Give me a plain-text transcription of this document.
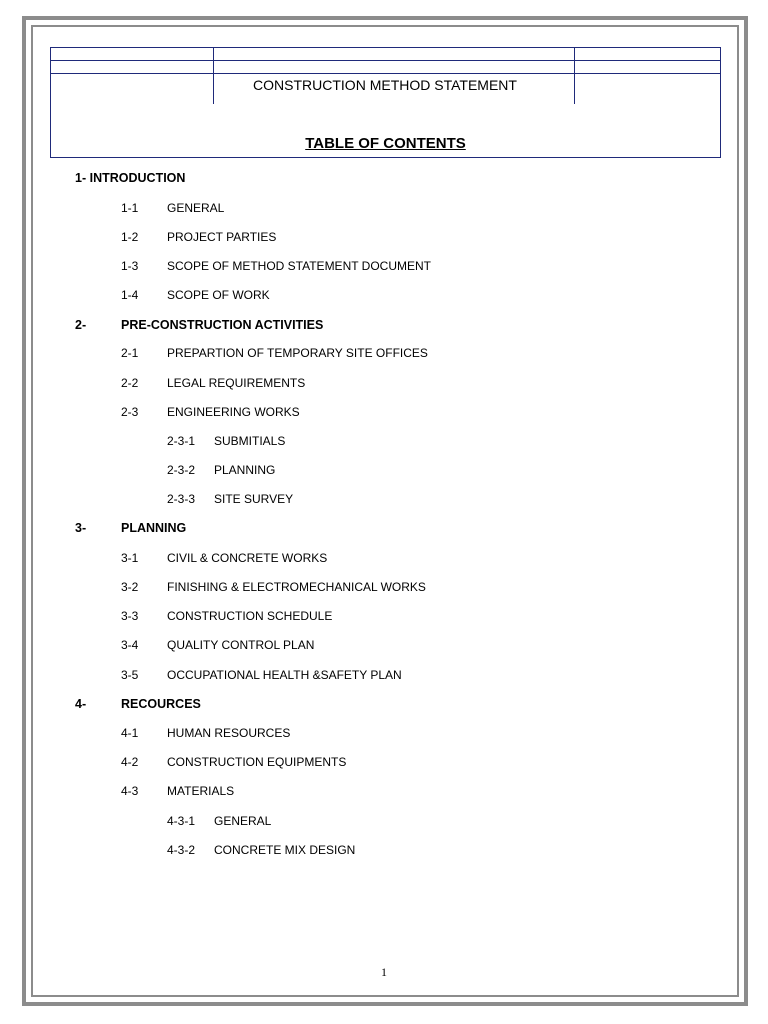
CONSTRUCTION METHOD STATEMENT
TABLE OF CONTENTS
1- INTRODUCTION
1-1 GENERAL
1-2 PROJECT PARTIES
1-3 SCOPE OF METHOD STATEMENT DOCUMENT
1-4 SCOPE OF WORK
2-	PRE-CONSTRUCTION ACTIVITIES
2-1 PREPARTION OF TEMPORARY SITE OFFICES
2-2 LEGAL REQUIREMENTS
2-3 ENGINEERING WORKS
2-3-1 SUBMITIALS
2-3-2 PLANNING
2-3-3 SITE SURVEY
3-	PLANNING
3-1 CIVIL & CONCRETE WORKS
3-2 FINISHING & ELECTROMECHANICAL WORKS
3-3 CONSTRUCTION SCHEDULE
3-4 QUALITY CONTROL PLAN
3-5 OCCUPATIONAL HEALTH &SAFETY PLAN
4-	RECOURCES
4-1 HUMAN RESOURCES
4-2 CONSTRUCTION EQUIPMENTS
4-3 MATERIALS
4-3-1 GENERAL
4-3-2 CONCRETE MIX DESIGN
1
